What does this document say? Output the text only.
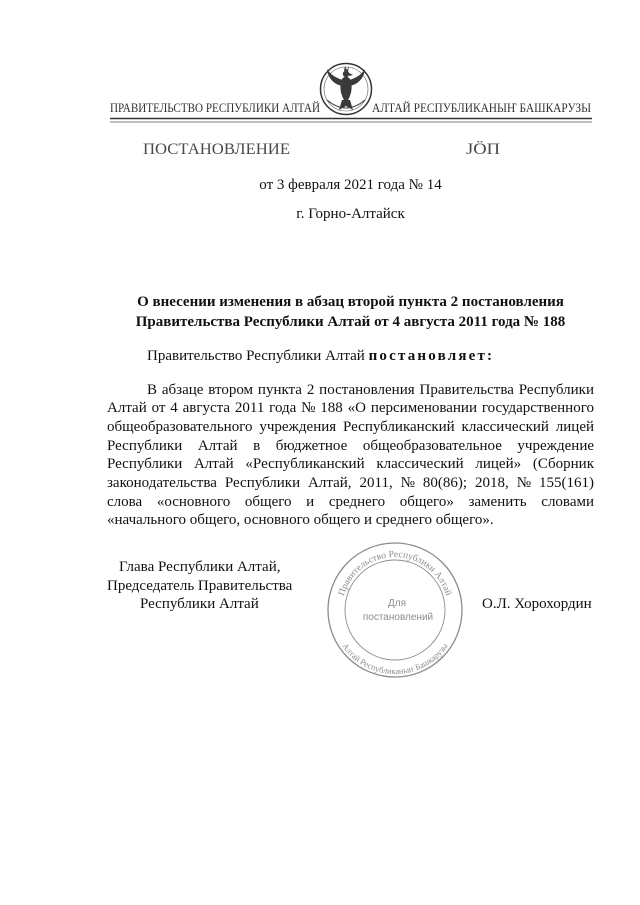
ПРАВИТЕЛЬСТВО РЕСПУБЛИКИ АЛТАЙ	АЛТАЙ РЕСПУБЛИКАНЫҤ БАШКАРУЗЫ
ПОСТАНОВЛЕНИЕ	ЈӦП
от 3 февраля 2021 года № 14
г. Горно-Алтайск
О внесении изменения в абзац второй пункта 2 постановления
Правительства Республики Алтай от 4 августа 2011 года № 188
Правительство Республики Алтай постановляет:
В абзаце втором пункта 2 постановления Правительства Республики
Алтай от 4 августа 2011 года № 188 «О персименовании государственного
общеобразовательного учреждения Республиканский классический лицей
Республики Алтай в бюджетное общеобразовательное учреждение
Республики Алтай «Республиканский классический лицей» (Сборник
законодательства Республики Алтай, 2011, № 80(86); 2018, № 155(161)
слова «основного общего и среднего общего» заменить словами
«начального общего, основного общего и среднего общего».
Глава Республики Алтай,
Председатель Правительства
Республики Алтай	О.Л. Хорохордин
Правительство Республики Алтай
Алтай Республиканыҥ Башкарузы
Для
постановлений
